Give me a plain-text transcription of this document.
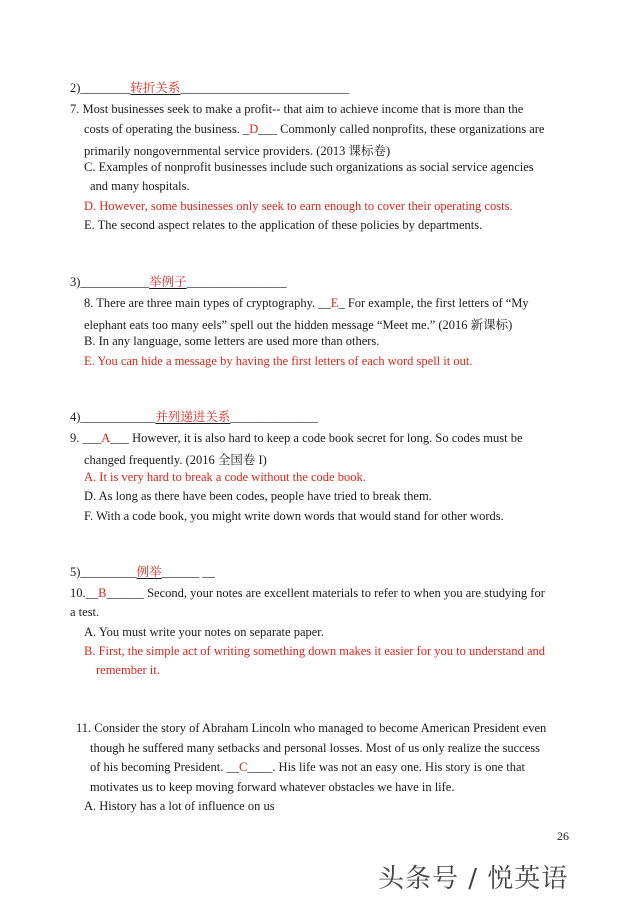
2)________转折关系___________________________
7. Most businesses seek to make a profit-- that aim to achieve income that is more than the
costs of operating the business. _D___ Commonly called nonprofits, these organizations are
primarily nongovernmental service providers. (2013 课标卷)
C. Examples of nonprofit businesses include such organizations as social service agencies
and many hospitals.
D. However, some businesses only seek to earn enough to cover their operating costs.
E. The second aspect relates to the application of these policies by departments.
3)___________举例子________________
8. There are three main types of cryptography. __E_ For example, the first letters of “My
elephant eats too many eels” spell out the hidden message “Meet me.” (2016 新课标)
B. In any language, some letters are used more than others.
E. You can hide a message by having the first letters of each word spell it out.
4)____________并列递进关系______________
9. ___A___ However, it is also hard to keep a code book secret for long. So codes must be
changed frequently. (2016 全国卷 I)
A. It is very hard to break a code without the code book.
D. As long as there have been codes, people have tried to break them.
F. With a code book, you might write down words that would stand for other words.
5)_________例举______ __
10.__B______ Second, your notes are excellent materials to refer to when you are studying for
a test.
A. You must write your notes on separate paper.
B. First, the simple act of writing something down makes it easier for you to understand and
remember it.
11. Consider the story of Abraham Lincoln who managed to become American President even
though he suffered many setbacks and personal losses. Most of us only realize the success
of his becoming President. __C____. His life was not an easy one. His story is one that
motivates us to keep moving forward whatever obstacles we have in life.
A. History has a lot of influence on us
26
头条号 / 悦英语
